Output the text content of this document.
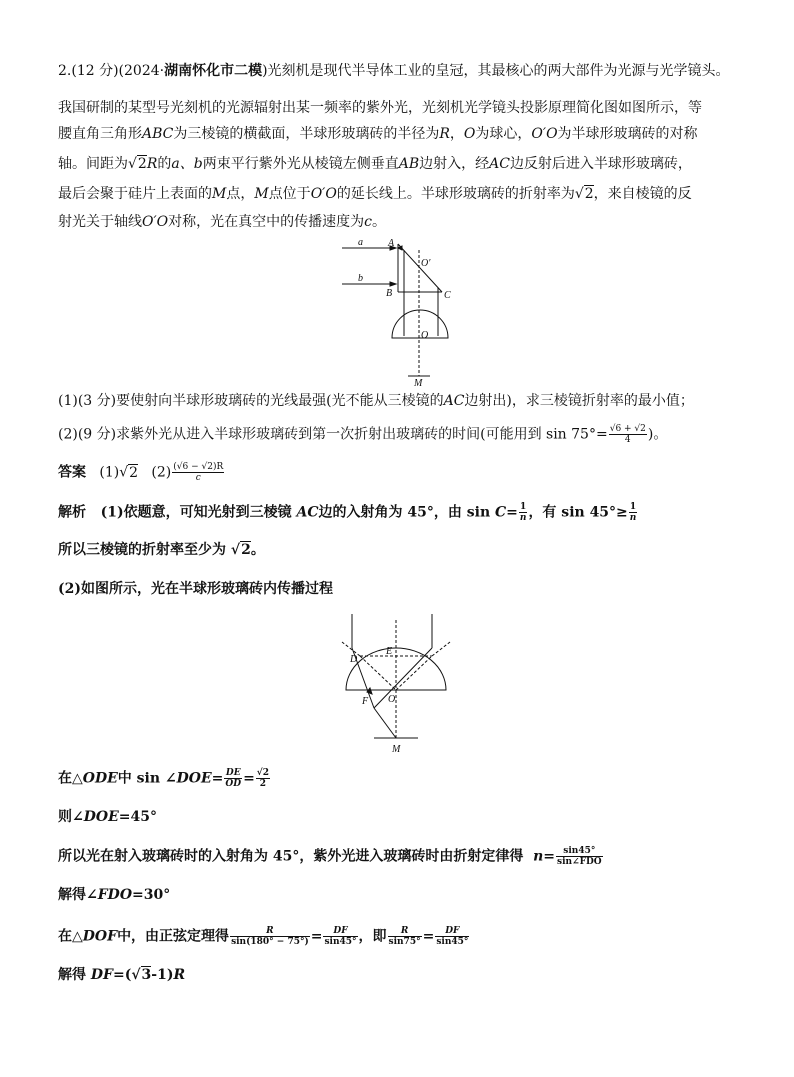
2.(12 分)(2024·湖南怀化市二模)光刻机是现代半导体工业的皇冠，其最核心的两大部件为光源与光学镜头。
我国研制的某型号光刻机的光源辐射出某一频率的紫外光，光刻机光学镜头投影原理简化图如图所示，等
腰直角三角形ABC为三棱镜的横截面，半球形玻璃砖的半径为R，O为球心，O′O为半球形玻璃砖的对称
轴。间距为√2R的a、b两束平行紫外光从棱镜左侧垂直AB边射入，经AC边反射后进入半球形玻璃砖，
最后会聚于硅片上表面的M点，M点位于O′O的延长线上。半球形玻璃砖的折射率为√2，来自棱镜的反
射光关于轴线O′O对称，光在真空中的传播速度为c。
a
b
A
B	C
O′
O
M
(1)(3 分)要使射向半球形玻璃砖的光线最强(光不能从三棱镜的AC边射出)，求三棱镜折射率的最小值；
(2)(9 分)求紫外光从进入半球形玻璃砖到第一次折射出玻璃砖的时间(可能用到 $\sin 75^\circ= \frac{√6 + √2}{4}$ )。
答案 (1)√2 $(2) \frac{(√6 - √2)R}{c}$
解析 (1)依题意，可知光射到三棱镜 AC边的入射角为 45°，由 $\sin C= \frac{1}{n}$ ，有 $\sin 45^\circ\ge \frac{1}{n}$
所以三棱镜的折射率至少为 √2。
(2)如图所示，光在半球形玻璃砖内传播过程
D
E
F O
M
在△ODE中 sin ∠DOE= $\frac{DE}{OD} = \frac{√2}{2}$
则∠DOE=45°
所以光在射入玻璃砖时的入射角为 45°，紫外光进入玻璃砖时由折射定律得 $n= \frac{\sin 45^\circ}{\text{sin∠FDO}}$
解得∠FDO=30°
在△DOF中，由正弦定理得 $\frac{R}{\sin(180^\circ - 75^\circ)} = \frac{DF}{\sin 45^\circ}$ ，即 $\frac{R}{\sin 75^\circ} = \frac{DF}{\sin 45^\circ}$
解得 DF=(√3-1)R
